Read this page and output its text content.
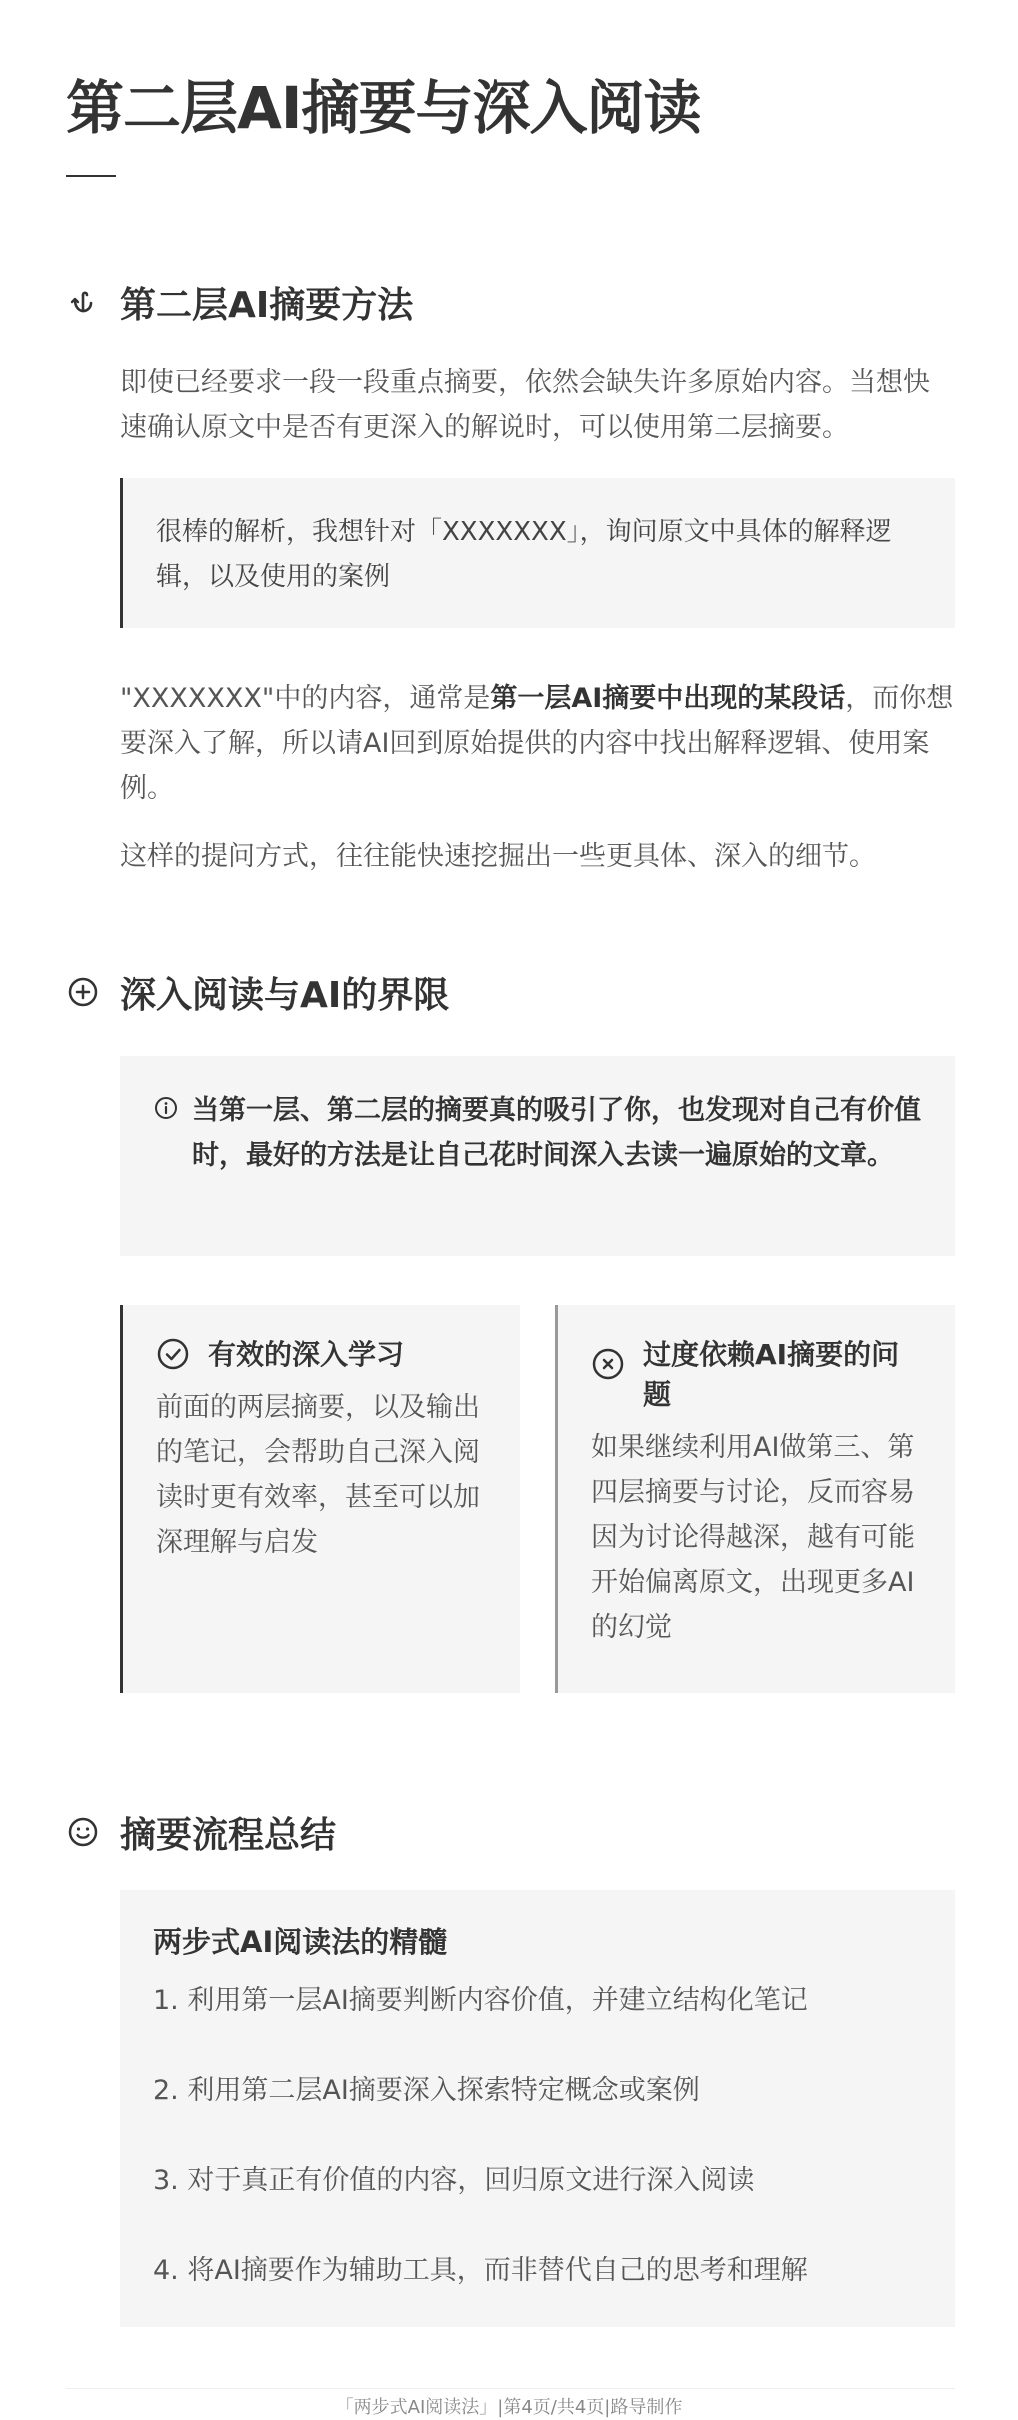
第二层AI摘要与深入阅读
第二层AI摘要方法

即使已经要求一段一段重点摘要，依然会缺失许多原始内容。当想快速确认原文中是否有更深入的解说时，可以使用第二层摘要。

很棒的解析，我想针对「XXXXXXX」，询问原文中具体的解释逻辑，以及使用的案例

"XXXXXXX"中的内容，通常是第一层AI摘要中出现的某段话，而你想要深入了解，所以请AI回到原始提供的内容中找出解释逻辑、使用案例。

这样的提问方式，往往能快速挖掘出一些更具体、深入的细节。

深入阅读与AI的界限
当第一层、第二层的摘要真的吸引了你，也发现对自己有价值时，最好的方法是让自己花时间深入去读一遍原始的文章。
有效的深入学习
前面的两层摘要，以及输出的笔记，会帮助自己深入阅读时更有效率，甚至可以加深理解与启发
过度依赖AI摘要的问题
如果继续利用AI做第三、第四层摘要与讨论，反而容易因为讨论得越深，越有可能开始偏离原文，出现更多AI的幻觉
摘要流程总结
两步式AI阅读法的精髓
1. 利用第一层AI摘要判断内容价值，并建立结构化笔记
2. 利用第二层AI摘要深入探索特定概念或案例
3. 对于真正有价值的内容，回归原文进行深入阅读
4. 将AI摘要作为辅助工具，而非替代自己的思考和理解
「两步式AI阅读法」|第4页/共4页|路导制作
